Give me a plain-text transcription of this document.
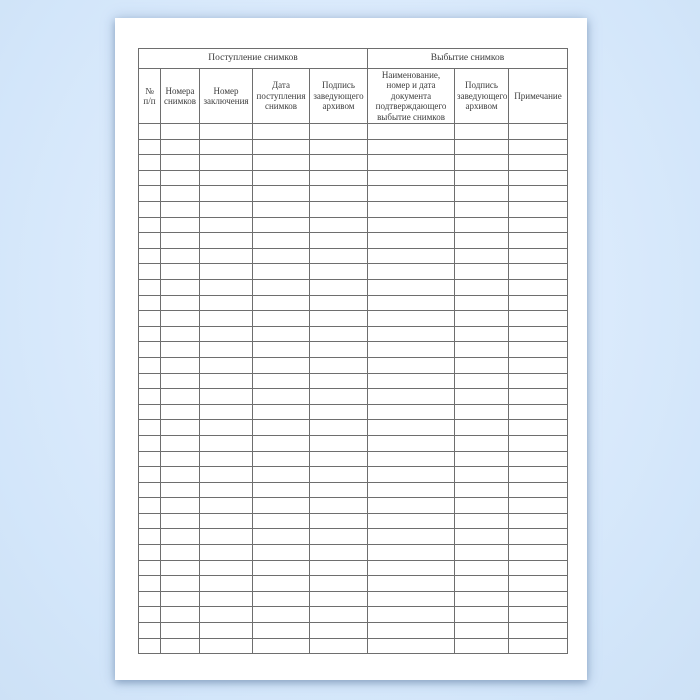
Поступление снимков					Выбытие снимков		
№ п/п	Номера снимков	Номер заключения	Дата поступления снимков	Подпись заведующего архивом	Наименование, номер и дата документа подтверждающего выбытие снимков	Подпись заведующего архивом	Примечание
